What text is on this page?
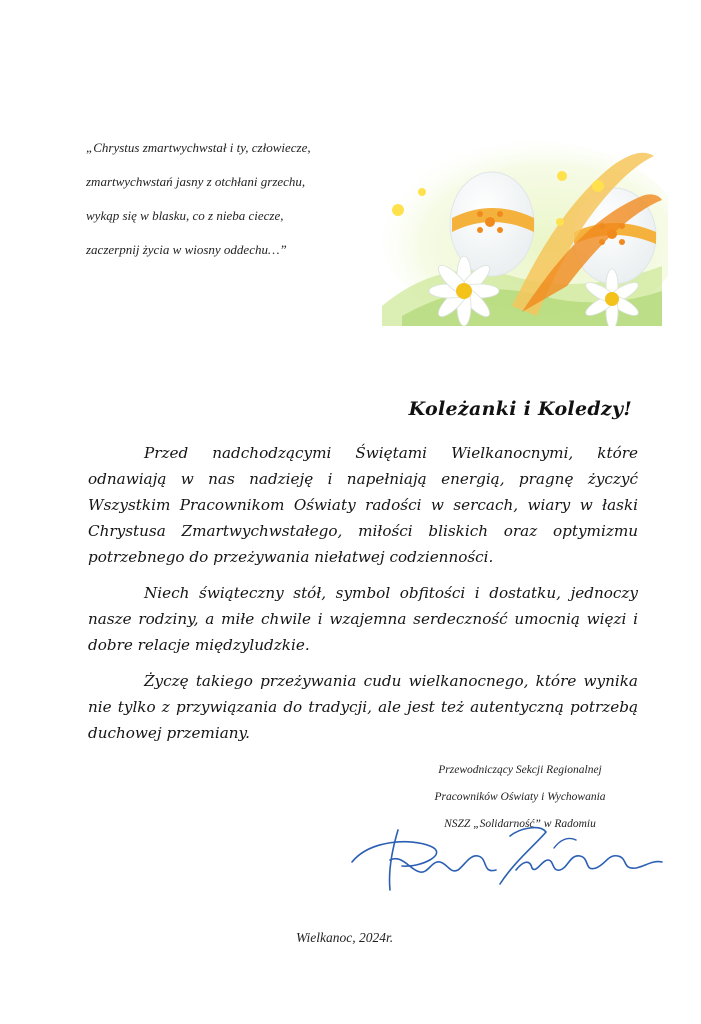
„Chrystus zmartwychwstał i ty, człowiecze,

zmartwychwstań jasny z otchłani grzechu,

wykąp się w blasku, co z nieba ciecze,

zaczerpnij życia w wiosny oddechu…”

Koleżanki i Koledzy!

Przed nadchodzącymi Świętami Wielkanocnymi, które odnawiają w nas nadzieję i napełniają energią, pragnę życzyć Wszystkim Pracownikom Oświaty radości w sercach, wiary w łaski Chrystusa Zmartwychwstałego, miłości bliskich oraz optymizmu potrzebnego do przeżywania niełatwej codzienności.

Niech świąteczny stół, symbol obfitości i dostatku, jednoczy nasze rodziny, a miłe chwile i wzajemna serdeczność umocnią więzi i dobre relacje międzyludzkie.

Życzę takiego przeżywania cudu wielkanocnego, które wynika nie tylko z przywiązania do tradycji, ale jest też autentyczną potrzebą duchowej przemiany.

Przewodniczący Sekcji Regionalnej

Pracowników Oświaty i Wychowania

NSZZ „Solidarność” w Radomiu

Wielkanoc, 2024r.
